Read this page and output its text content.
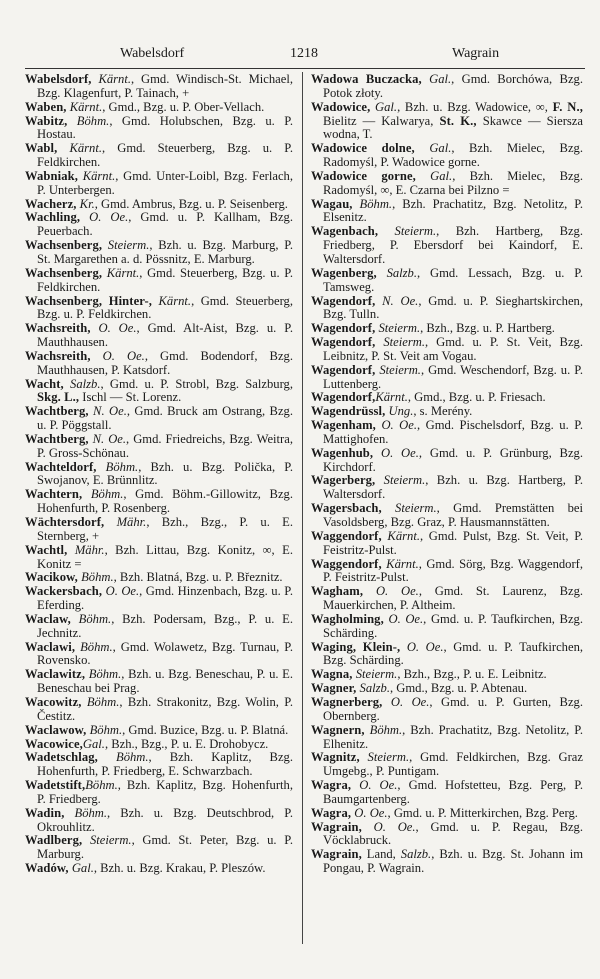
Wabelsdorf	1218	Wagrain

Wabelsdorf, Kärnt., Gmd. Windisch-St. Michael, Bzg. Klagenfurt, P. Tainach, +

Waben, Kärnt., Gmd., Bzg. u. P. Ober-Vellach.

Wabitz, Böhm., Gmd. Holubschen, Bzg. u. P. Hostau.

Wabl, Kärnt., Gmd. Steuerberg, Bzg. u. P. Feldkirchen.

Wabniak, Kärnt., Gmd. Unter-Loibl, Bzg. Ferlach, P. Unterbergen.

Wacherz, Kr., Gmd. Ambrus, Bzg. u. P. Seisenberg.

Wachling, O. Oe., Gmd. u. P. Kallham, Bzg. Peuerbach.

Wachsenberg, Steierm., Bzh. u. Bzg. Marburg, P. St. Margarethen a. d. Pössnitz, E. Marburg.

Wachsenberg, Kärnt., Gmd. Steuerberg, Bzg. u. P. Feldkirchen.

Wachsenberg, Hinter-, Kärnt., Gmd. Steuerberg, Bzg. u. P. Feldkirchen.

Wachsreith, O. Oe., Gmd. Alt-Aist, Bzg. u. P. Mauthhausen.

Wachsreith, O. Oe., Gmd. Bodendorf, Bzg. Mauthhausen, P. Katsdorf.

Wacht, Salzb., Gmd. u. P. Strobl, Bzg. Salzburg, Skg. L., Ischl — St. Lorenz.

Wachtberg, N. Oe., Gmd. Bruck am Ostrang, Bzg. u. P. Pöggstall.

Wachtberg, N. Oe., Gmd. Friedreichs, Bzg. Weitra, P. Gross-Schönau.

Wachteldorf, Böhm., Bzh. u. Bzg. Polička, P. Swojanov, E. Brünnlitz.

Wachtern, Böhm., Gmd. Böhm.-Gillowitz, Bzg. Hohenfurth, P. Rosenberg.

Wächtersdorf, Mähr., Bzh., Bzg., P. u. E. Sternberg, +

Wachtl, Mähr., Bzh. Littau, Bzg. Konitz, ∞, E. Konitz =

Wacikow, Böhm., Bzh. Blatná, Bzg. u. P. Březnitz.

Wackersbach, O. Oe., Gmd. Hinzenbach, Bzg. u. P. Eferding.

Waclaw, Böhm., Bzh. Podersam, Bzg., P. u. E. Jechnitz.

Waclawi, Böhm., Gmd. Wolawetz, Bzg. Turnau, P. Rovensko.

Waclawitz, Böhm., Bzh. u. Bzg. Beneschau, P. u. E. Beneschau bei Prag.

Wacowitz, Böhm., Bzh. Strakonitz, Bzg. Wolin, P. Čestitz.

Waclawow, Böhm., Gmd. Buzice, Bzg. u. P. Blatná.

Wacowice,Gal., Bzh., Bzg., P. u. E. Drohobycz.

Wadetschlag, Böhm., Bzh. Kaplitz, Bzg. Hohenfurth, P. Friedberg, E. Schwarzbach.

Wadetstift,Böhm., Bzh. Kaplitz, Bzg. Hohenfurth, P. Friedberg.

Wadin, Böhm., Bzh. u. Bzg. Deutschbrod, P. Okrouhlitz.

Wadlberg, Steierm., Gmd. St. Peter, Bzg. u. P. Marburg.

Wadów, Gal., Bzh. u. Bzg. Krakau, P. Pleszów.

Wadowa Buczacka, Gal., Gmd. Borchówa, Bzg. Potok złoty.

Wadowice, Gal., Bzh. u. Bzg. Wadowice, ∞, F. N., Bielitz — Kalwarya, St. K., Skawce — Siersza wodna, T.

Wadowice dolne, Gal., Bzh. Mielec, Bzg. Radomyśl, P. Wadowice gorne.

Wadowice gorne, Gal., Bzh. Mielec, Bzg. Radomyśl, ∞, E. Czarna bei Pilzno =

Wagau, Böhm., Bzh. Prachatitz, Bzg. Netolitz, P. Elsenitz.

Wagenbach, Steierm., Bzh. Hartberg, Bzg. Friedberg, P. Ebersdorf bei Kaindorf, E. Waltersdorf.

Wagenberg, Salzb., Gmd. Lessach, Bzg. u. P. Tamsweg.

Wagendorf, N. Oe., Gmd. u. P. Sieghartskirchen, Bzg. Tulln.

Wagendorf, Steierm., Bzh., Bzg. u. P. Hartberg.

Wagendorf, Steierm., Gmd. u. P. St. Veit, Bzg. Leibnitz, P. St. Veit am Vogau.

Wagendorf, Steierm., Gmd. Weschendorf, Bzg. u. P. Luttenberg.

Wagendorf,Kärnt., Gmd., Bzg. u. P. Friesach.

Wagendrüssl, Ung., s. Merény.

Wagenham, O. Oe., Gmd. Pischelsdorf, Bzg. u. P. Mattighofen.

Wagenhub, O. Oe., Gmd. u. P. Grünburg, Bzg. Kirchdorf.

Wagerberg, Steierm., Bzh. u. Bzg. Hartberg, P. Waltersdorf.

Wagersbach, Steierm., Gmd. Premstätten bei Vasoldsberg, Bzg. Graz, P. Hausmannstätten.

Waggendorf, Kärnt., Gmd. Pulst, Bzg. St. Veit, P. Feistritz-Pulst.

Waggendorf, Kärnt., Gmd. Sörg, Bzg. Waggendorf, P. Feistritz-Pulst.

Wagham, O. Oe., Gmd. St. Laurenz, Bzg. Mauerkirchen, P. Altheim.

Wagholming, O. Oe., Gmd. u. P. Taufkirchen, Bzg. Schärding.

Waging, Klein-, O. Oe., Gmd. u. P. Taufkirchen, Bzg. Schärding.

Wagna, Steierm., Bzh., Bzg., P. u. E. Leibnitz.

Wagner, Salzb., Gmd., Bzg. u. P. Abtenau.

Wagnerberg, O. Oe., Gmd. u. P. Gurten, Bzg. Obernberg.

Wagnern, Böhm., Bzh. Prachatitz, Bzg. Netolitz, P. Elhenitz.

Wagnitz, Steierm., Gmd. Feldkirchen, Bzg. Graz Umgebg., P. Puntigam.

Wagra, O. Oe., Gmd. Hofstetteu, Bzg. Perg, P. Baumgartenberg.

Wagra, O. Oe., Gmd. u. P. Mitterkirchen, Bzg. Perg.

Wagrain, O. Oe., Gmd. u. P. Regau, Bzg. Vöcklabruck.

Wagrain, Land, Salzb., Bzh. u. Bzg. St. Johann im Pongau, P. Wagrain.
